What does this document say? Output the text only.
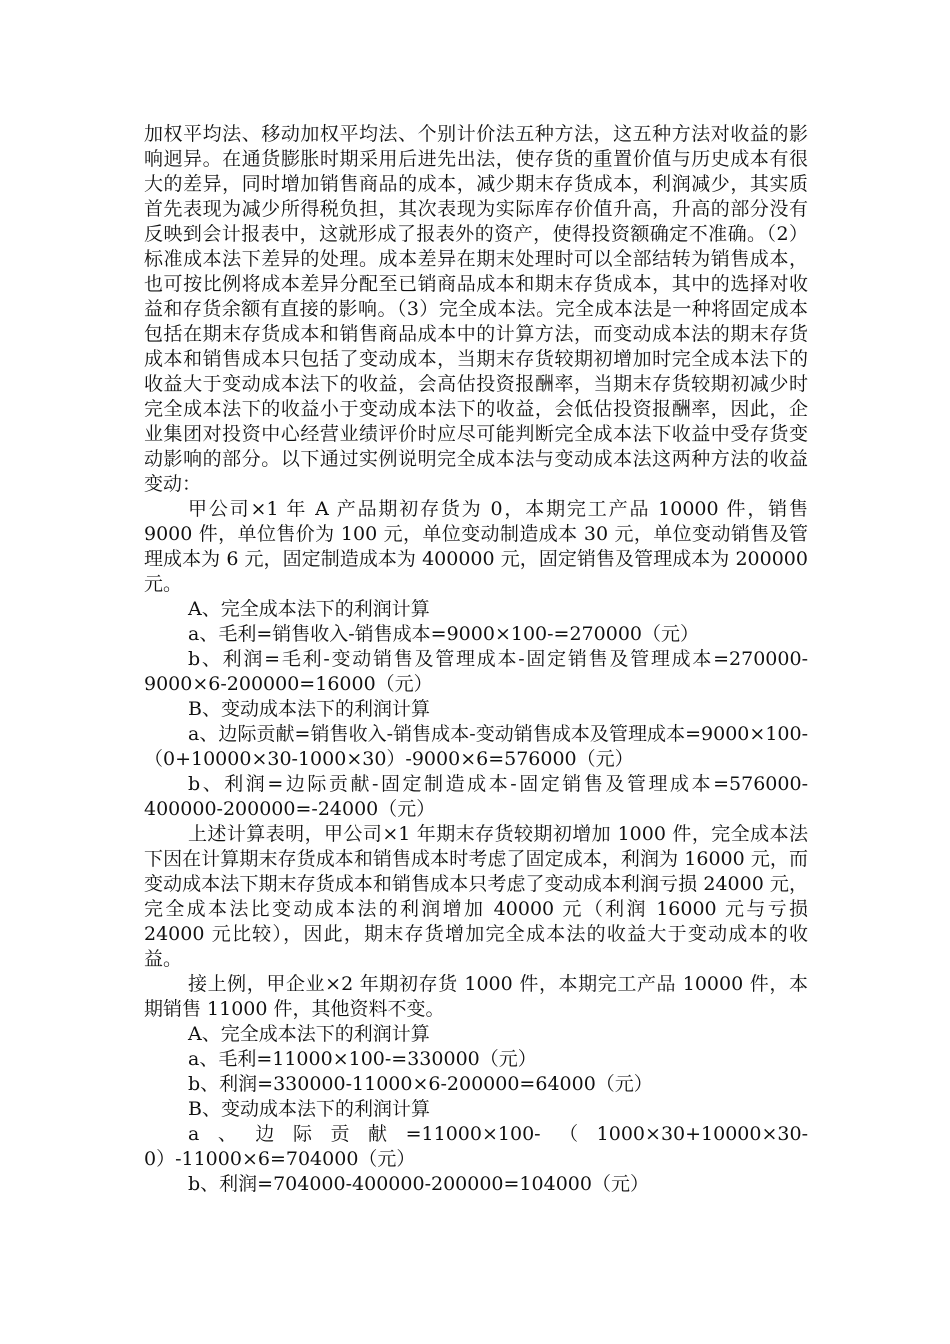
加权平均法、移动加权平均法、个别计价法五种方法，这五种方法对收益的影响迥异。在通货膨胀时期采用后进先出法，使存货的重置价值与历史成本有很大的差异，同时增加销售商品的成本，减少期末存货成本，利润减少，其实质首先表现为减少所得税负担，其次表现为实际库存价值升高，升高的部分没有反映到会计报表中，这就形成了报表外的资产，使得投资额确定不准确。（2）标准成本法下差异的处理。成本差异在期末处理时可以全部结转为销售成本，也可按比例将成本差异分配至已销商品成本和期末存货成本，其中的选择对收益和存货余额有直接的影响。（3）完全成本法。完全成本法是一种将固定成本包括在期末存货成本和销售商品成本中的计算方法，而变动成本法的期末存货成本和销售成本只包括了变动成本，当期末存货较期初增加时完全成本法下的收益大于变动成本法下的收益，会高估投资报酬率，当期末存货较期初减少时完全成本法下的收益小于变动成本法下的收益，会低估投资报酬率，因此，企业集团对投资中心经营业绩评价时应尽可能判断完全成本法下收益中受存货变动影响的部分。以下通过实例说明完全成本法与变动成本法这两种方法的收益变动：

甲公司×1 年 A 产品期初存货为 0，本期完工产品 10000 件，销售 9000 件，单位售价为 100 元，单位变动制造成本 30 元，单位变动销售及管理成本为 6 元，固定制造成本为 400000 元，固定销售及管理成本为 200000 元。

A、完全成本法下的利润计算

a、毛利=销售收入-销售成本=9000×100-=270000（元）

b、利润=毛利-变动销售及管理成本-固定销售及管理成本=270000-9000×6-200000=16000（元）

B、变动成本法下的利润计算

a、边际贡献=销售收入-销售成本-变动销售成本及管理成本=9000×100-（0+10000×30-1000×30）-9000×6=576000（元）

b、利润=边际贡献-固定制造成本-固定销售及管理成本=576000-400000-200000=-24000（元）

上述计算表明，甲公司×1 年期末存货较期初增加 1000 件，完全成本法下因在计算期末存货成本和销售成本时考虑了固定成本，利润为 16000 元，而变动成本法下期末存货成本和销售成本只考虑了变动成本利润亏损 24000 元，完全成本法比变动成本法的利润增加 40000 元（利润 16000 元与亏损 24000 元比较），因此，期末存货增加完全成本法的收益大于变动成本的收益。

接上例，甲企业×2 年期初存货 1000 件，本期完工产品 10000 件，本期销售 11000 件，其他资料不变。

A、完全成本法下的利润计算

a、毛利=11000×100-=330000（元）

b、利润=330000-11000×6-200000=64000（元）

B、变动成本法下的利润计算

a、边际贡献=11000×100-（1000×30+10000×30-0）-11000×6=704000（元）

b、利润=704000-400000-200000=104000（元）
